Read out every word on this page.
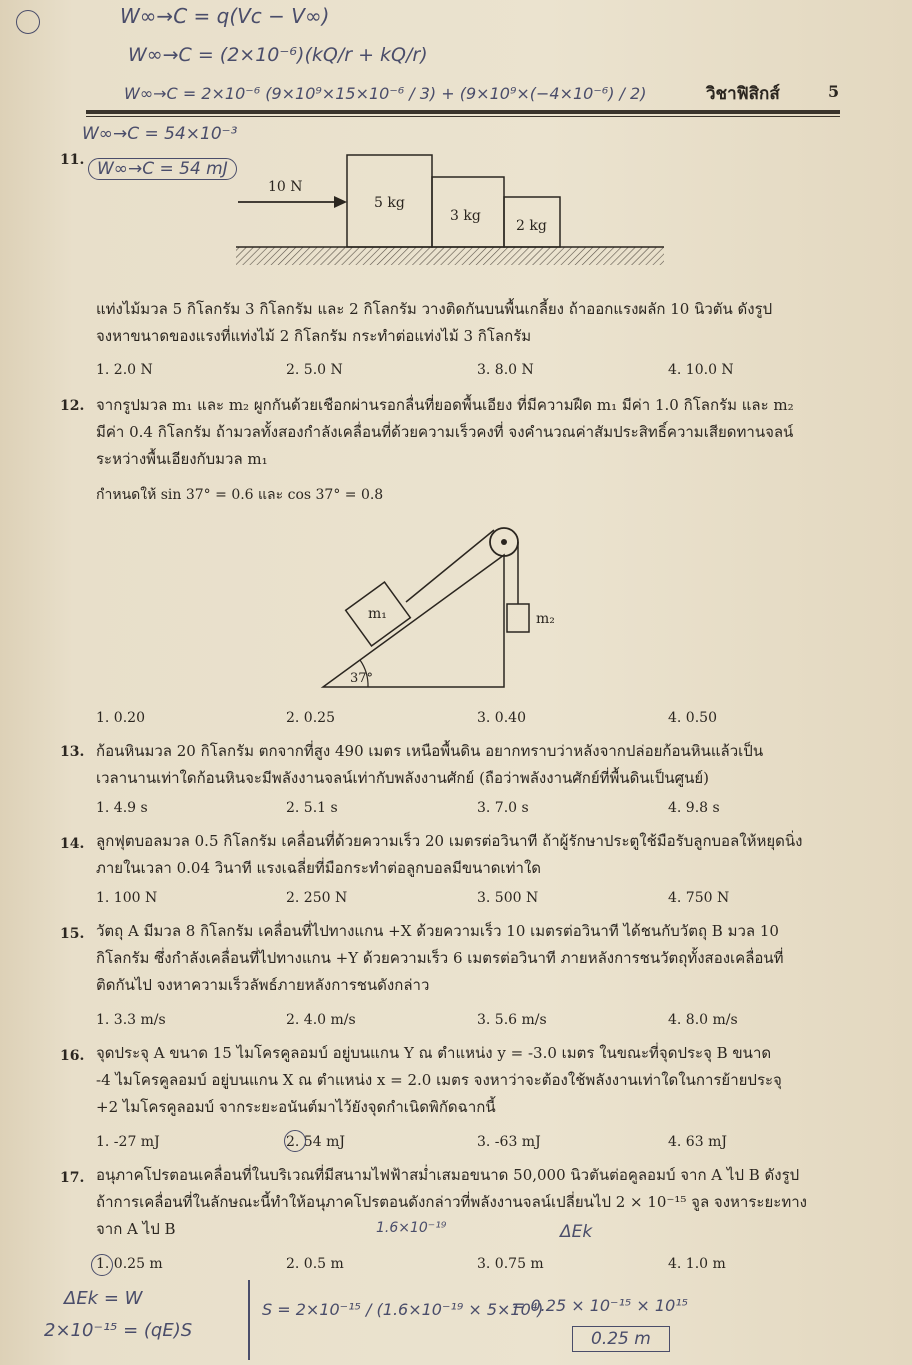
W∞→C = q(Vc − V∞)
W∞→C = (2×10⁻⁶)(kQ/r + kQ/r)
W∞→C = 2×10⁻⁶ (9×10⁹×15×10⁻⁶ / 3) + (9×10⁹×(−4×10⁻⁶) / 2)
W∞→C = 54×10⁻³
W∞→C = 54 mJ
วิชาฟิสิกส์	5
11.
10 N
5 kg
3 kg
2 kg
แท่งไม้มวล 5 กิโลกรัม 3 กิโลกรัม และ 2 กิโลกรัม วางติดกันบนพื้นเกลี้ยง ถ้าออกแรงผลัก 10 นิวตัน ดังรูป
จงหาขนาดของแรงที่แท่งไม้ 2 กิโลกรัม กระทำต่อแท่งไม้ 3 กิโลกรัม
1. 2.0 N	2. 5.0 N	3. 8.0 N	4. 10.0 N
12. จากรูปมวล m₁ และ m₂ ผูกกันด้วยเชือกผ่านรอกลื่นที่ยอดพื้นเอียง ที่มีความฝืด m₁ มีค่า 1.0 กิโลกรัม และ m₂
มีค่า 0.4 กิโลกรัม ถ้ามวลทั้งสองกำลังเคลื่อนที่ด้วยความเร็วคงที่ จงคำนวณค่าสัมประสิทธิ์ความเสียดทานจลน์
ระหว่างพื้นเอียงกับมวล m₁
กำหนดให้ sin 37° = 0.6 และ cos 37° = 0.8
m₁	m₂
37°
1. 0.20	2. 0.25	3. 0.40	4. 0.50
13. ก้อนหินมวล 20 กิโลกรัม ตกจากที่สูง 490 เมตร เหนือพื้นดิน อยากทราบว่าหลังจากปล่อยก้อนหินแล้วเป็น
เวลานานเท่าใดก้อนหินจะมีพลังงานจลน์เท่ากับพลังงานศักย์ (ถือว่าพลังงานศักย์ที่พื้นดินเป็นศูนย์)
1. 4.9 s	2. 5.1 s	3. 7.0 s	4. 9.8 s
14. ลูกฟุตบอลมวล 0.5 กิโลกรัม เคลื่อนที่ด้วยความเร็ว 20 เมตรต่อวินาที ถ้าผู้รักษาประตูใช้มือรับลูกบอลให้หยุดนิ่ง
ภายในเวลา 0.04 วินาที แรงเฉลี่ยที่มือกระทำต่อลูกบอลมีขนาดเท่าใด
1. 100 N	2. 250 N	3. 500 N	4. 750 N
15. วัตถุ A มีมวล 8 กิโลกรัม เคลื่อนที่ไปทางแกน +X ด้วยความเร็ว 10 เมตรต่อวินาที ได้ชนกับวัตถุ B มวล 10
กิโลกรัม ซึ่งกำลังเคลื่อนที่ไปทางแกน +Y ด้วยความเร็ว 6 เมตรต่อวินาที ภายหลังการชนวัตถุทั้งสองเคลื่อนที่
ติดกันไป จงหาความเร็วลัพธ์ภายหลังการชนดังกล่าว
1. 3.3 m/s	2. 4.0 m/s	3. 5.6 m/s	4. 8.0 m/s
16. จุดประจุ A ขนาด 15 ไมโครคูลอมบ์ อยู่บนแกน Y ณ ตำแหน่ง y = -3.0 เมตร ในขณะที่จุดประจุ B ขนาด
-4 ไมโครคูลอมบ์ อยู่บนแกน X ณ ตำแหน่ง x = 2.0 เมตร จงหาว่าจะต้องใช้พลังงานเท่าใดในการย้ายประจุ
+2 ไมโครคูลอมบ์ จากระยะอนันต์มาไว้ยังจุดกำเนิดพิกัดฉากนี้
1. -27 mJ	2. 54 mJ	3. -63 mJ	4. 63 mJ
17. อนุภาคโปรตอนเคลื่อนที่ในบริเวณที่มีสนามไฟฟ้าสม่ำเสมอขนาด 50,000 นิวตันต่อคูลอมบ์ จาก A ไป B ดังรูป
ถ้าการเคลื่อนที่ในลักษณะนี้ทำให้อนุภาคโปรตอนดังกล่าวที่พลังงานจลน์เปลี่ยนไป 2 × 10⁻¹⁵ จูล จงหาระยะทาง
จาก A ไป B	1.6×10⁻¹⁹	ΔEk
1. 0.25 m	2. 0.5 m	3. 0.75 m	4. 1.0 m
ΔEk = W
2×10⁻¹⁵ = (qE)S
S = 2×10⁻¹⁵ / (1.6×10⁻¹⁹ × 5×10⁴)
= 0.25 × 10⁻¹⁵ × 10¹⁵
0.25 m
